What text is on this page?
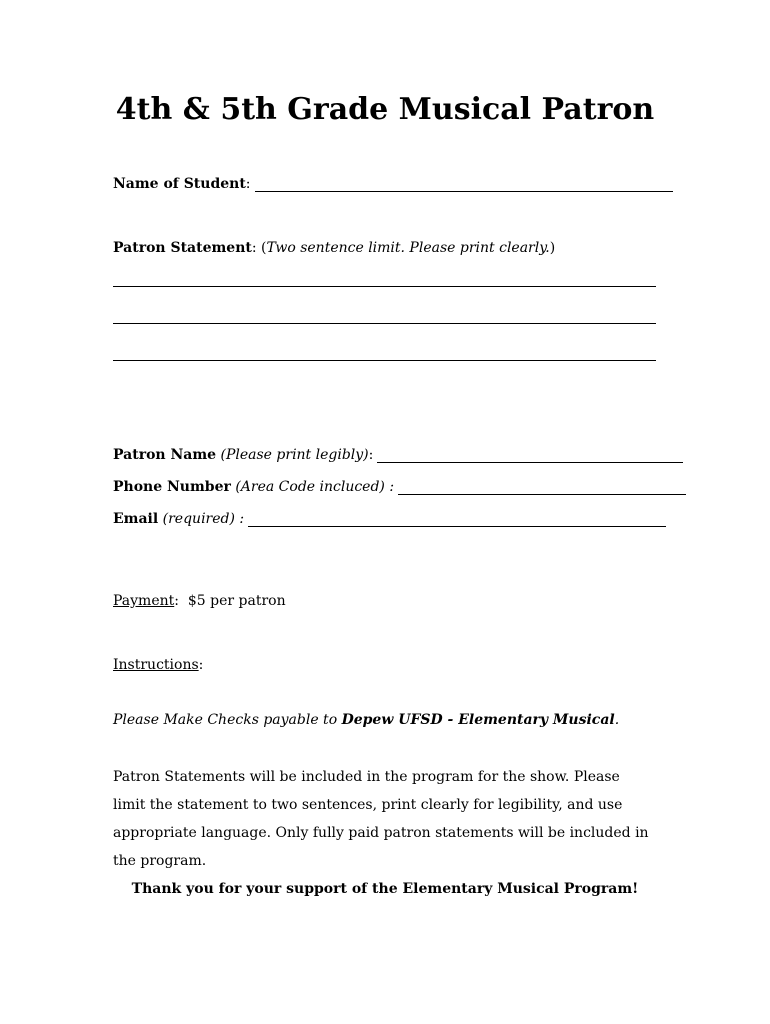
4th & 5th Grade Musical Patron
Name of Student :
Patron Statement: (Two sentence limit. Please print clearly.)
Patron Name
(Please print legibly) :
Phone Number
(Area Code incluced) :
Email
(required) :
Payment:  $5 per patron
Instructions:
Please Make Checks payable to Depew UFSD - Elementary Musical.
Patron Statements will be included in the program for the show. Please limit the statement to two sentences, print clearly for legibility, and use appropriate language. Only fully paid patron statements will be included in the program.
Thank you for your support of the Elementary Musical Program!
